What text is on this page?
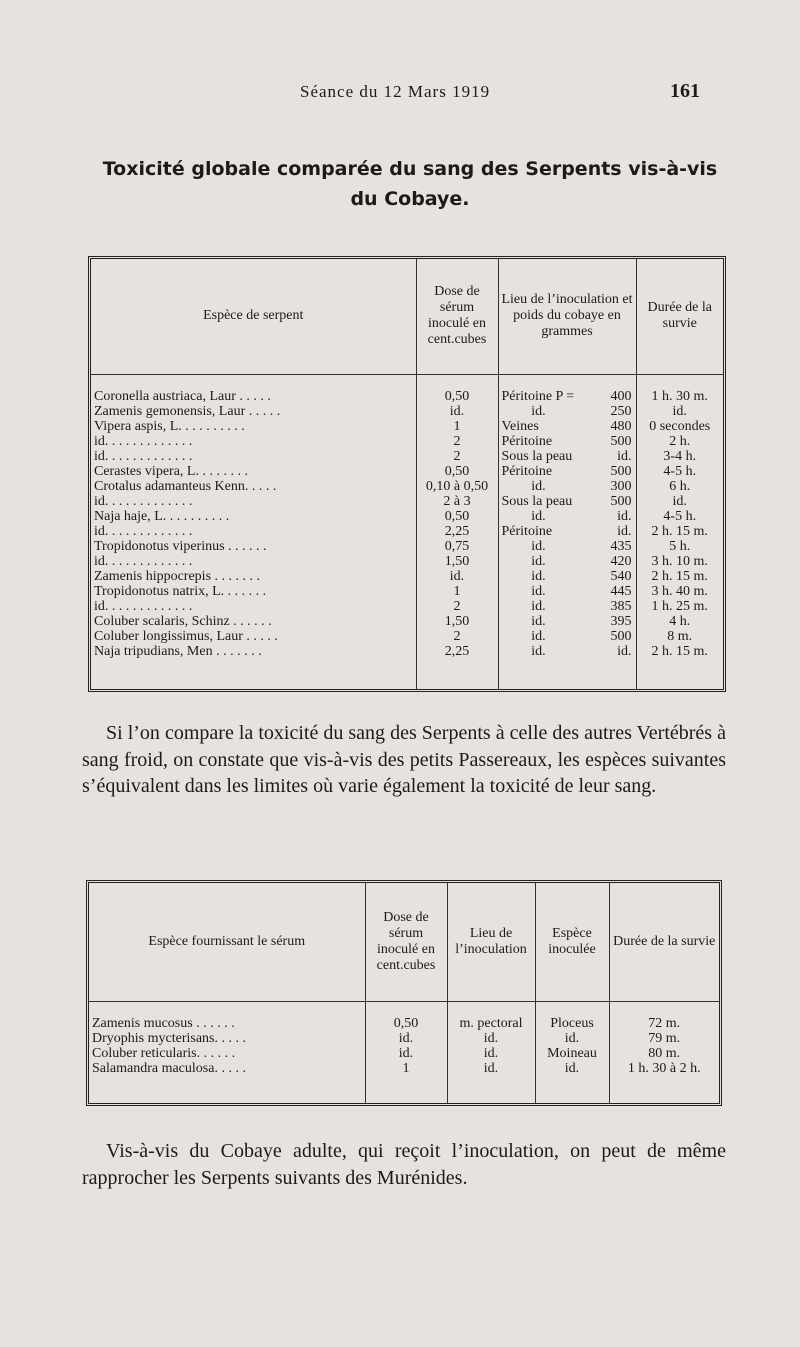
Séance du 12 Mars 1919	161
Toxicité globale comparée du sang des Serpents vis-à-vis du Cobaye.
Espèce de serpent	Dose de sérum inoculé en cent.cubes	Lieu de l’inoculation et poids du cobaye en grammes	Durée de la survie
Coronella austriaca, Laur . . . . .	0,50	Péritoine P = 400	1 h. 30 m.
Zamenis gemonensis, Laur . . . . .	id.	id. 250	id.
Vipera aspis, L. . . . . . . . . .	1	Veines 480	0 secondes
id. . . . . . . . . . . . .	2	Péritoine 500	2 h.
id. . . . . . . . . . . . .	2	Sous la peau id.	3-4 h.
Cerastes vipera, L. . . . . . . .	0,50	Péritoine 500	4-5 h.
Crotalus adamanteus Kenn. . . . .	0,10 à 0,50	id. 300	6 h.
id. . . . . . . . . . . . .	2 à 3	Sous la peau 500	id.
Naja haje, L. . . . . . . . . .	0,50	id. id.	4-5 h.
id. . . . . . . . . . . . .	2,25	Péritoine id.	2 h. 15 m.
Tropidonotus viperinus . . . . . .	0,75	id. 435	5 h.
id. . . . . . . . . . . . .	1,50	id. 420	3 h. 10 m.
Zamenis hippocrepis . . . . . . .	id.	id. 540	2 h. 15 m.
Tropidonotus natrix, L. . . . . . .	1	id. 445	3 h. 40 m.
id. . . . . . . . . . . . .	2	id. 385	1 h. 25 m.
Coluber scalaris, Schinz . . . . . .	1,50	id. 395	4 h.
Coluber longissimus, Laur . . . . .	2	id. 500	8 m.
Naja tripudians, Men . . . . . . .	2,25	id. id.	2 h. 15 m.

Si l’on compare la toxicité du sang des Serpents à celle des autres Vertébrés à sang froid, on constate que vis-à-vis des petits Passereaux, les espèces suivantes s’équivalent dans les limites où varie également la toxicité de leur sang.

Espèce fournissant le sérum	Dose de sérum inoculé en cent.cubes	Lieu de l’inoculation	Espèce inoculée	Durée de la survie
Zamenis mucosus . . . . . .	0,50	m. pectoral	Ploceus	72 m.
Dryophis mycterisans. . . . .	id.	id.	id.	79 m.
Coluber reticularis. . . . . .	id.	id.	Moineau	80 m.
Salamandra maculosa. . . . .	1	id.	id.	1 h. 30 à 2 h.

Vis-à-vis du Cobaye adulte, qui reçoit l’inoculation, on peut de même rapprocher les Serpents suivants des Murénides.
